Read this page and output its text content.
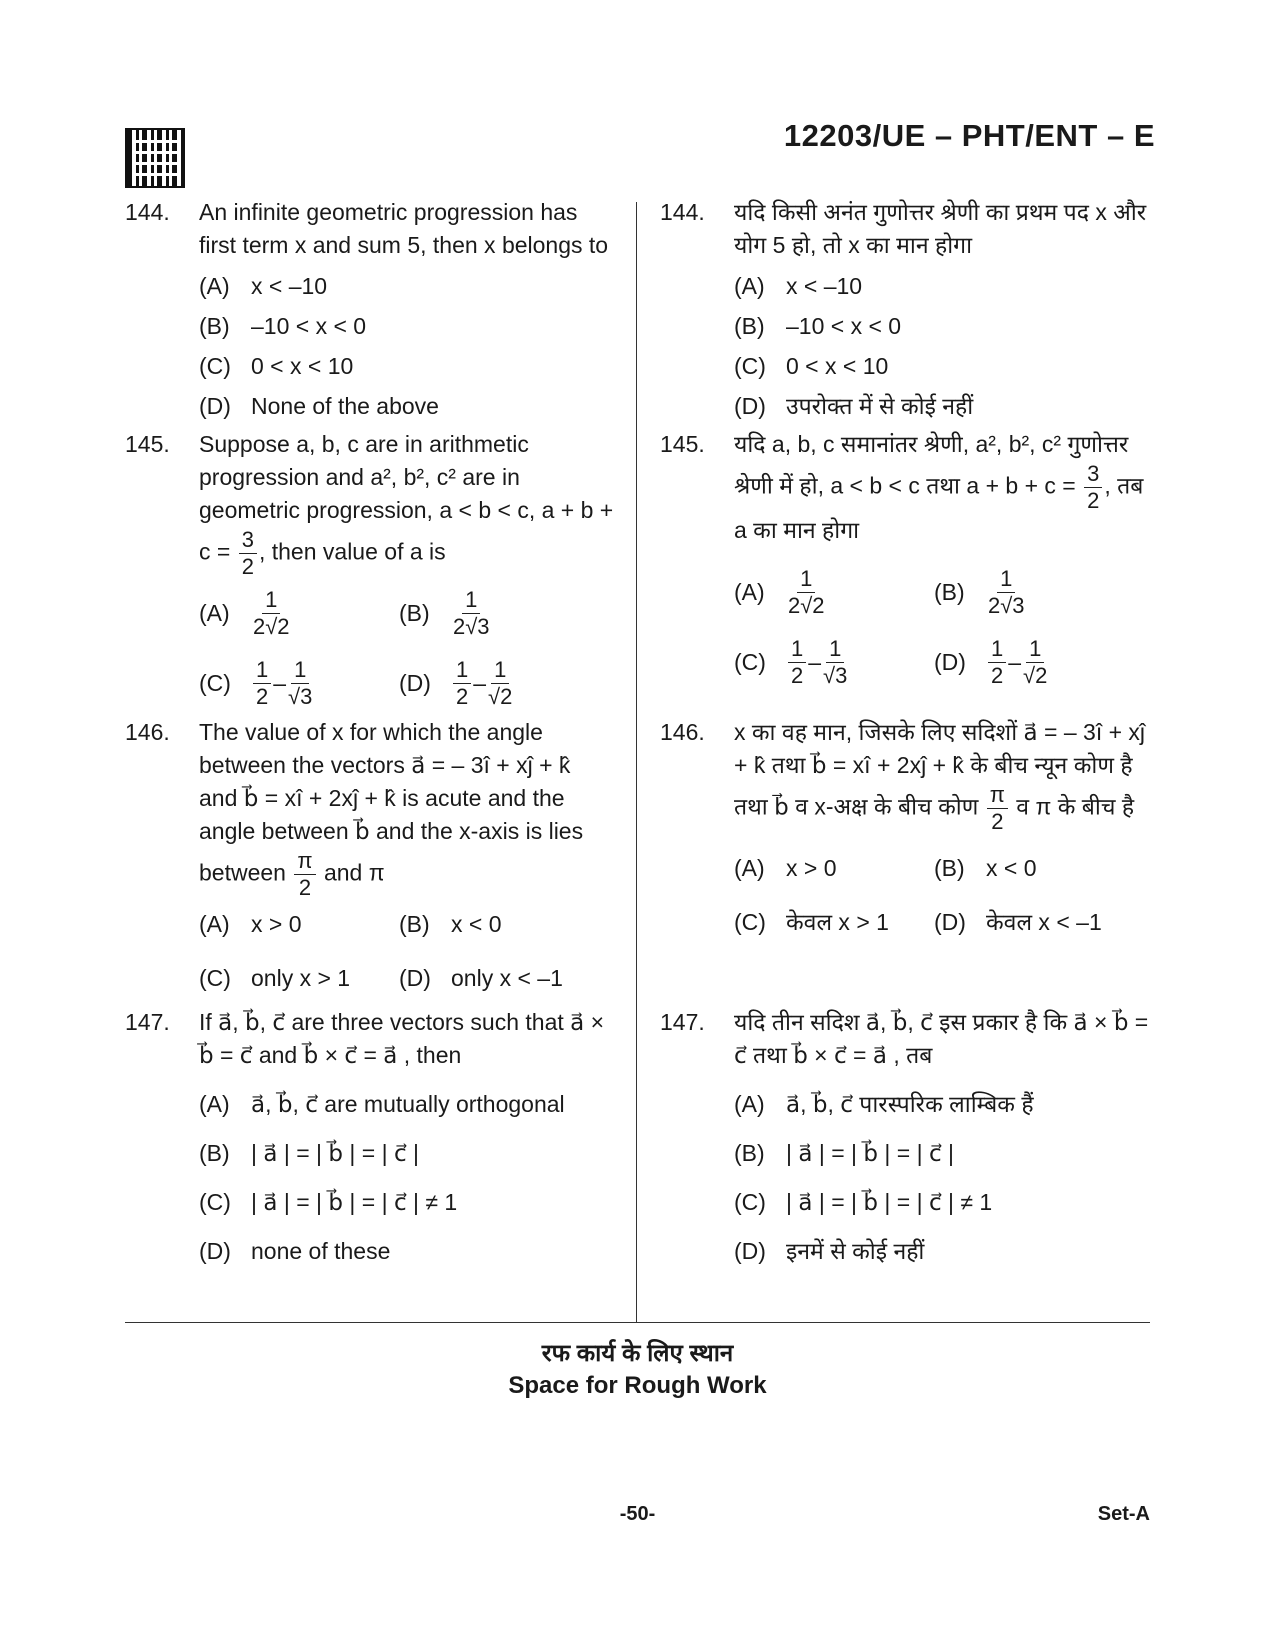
12203/UE – PHT/ENT – E
144. An infinite geometric progression has first term x and sum 5, then x belongs to
(A) x < –10
(B) –10 < x < 0
(C) 0 < x < 10
(D) None of the above
145. Suppose a, b, c are in arithmetic progression and a², b², c² are in geometric progression, a < b < c, $a + b + c = \frac{3}{2}$ , then value of a is
(A)	$\frac{1}{2√2}$	(B)	$\frac{1}{2√3}$
(C)	$\frac{1}{2} - \frac{1}{√3}$	(D)	$\frac{1}{2} - \frac{1}{√2}$
146. The value of x for which the angle between the vectors a⃗ = – 3î + xĵ + k̂ and b⃗ = xî + 2xĵ + k̂ is acute and the angle between b⃗ and the x-axis is lies between $\frac{\pi}{2}$ and π
(A) x > 0	(B) x < 0
(C) only x > 1 (D) only x < –1
147. If a⃗, b⃗, c⃗ are three vectors such that a⃗ × b⃗ = c⃗ and b⃗ × c⃗ = a⃗ , then
(A) a⃗, b⃗, c⃗ are mutually orthogonal
(B) | a⃗ | = | b⃗ | = | c⃗ |
(C) | a⃗ | = | b⃗ | = | c⃗ | ≠ 1
(D) none of these
144. यदि किसी अनंत गुणोत्तर श्रेणी का प्रथम पद x और योग 5 हो, तो x का मान होगा
(A) x < –10
(B) –10 < x < 0
(C) 0 < x < 10
(D) उपरोक्त में से कोई नहीं
145. यदि a, b, c समानांतर श्रेणी, a², b², c² गुणोत्तर श्रेणी में हो, a < b < c तथा $a + b + c = \frac{3}{2}$ , तब a का मान होगा
(A)	$\frac{1}{2√2}$	(B)	$\frac{1}{2√3}$
(C)	$\frac{1}{2} - \frac{1}{√3}$	(D)	$\frac{1}{2} - \frac{1}{√2}$
146. x का वह मान, जिसके लिए सदिशों a⃗ = – 3î + xĵ + k̂ तथा b⃗ = xî + 2xĵ + k̂ के बीच न्यून कोण है तथा b⃗ व x-अक्ष के बीच कोण $\frac{\pi}{2}$ व π के बीच है
(A) x > 0	(B) x < 0
(C) केवल x > 1 (D) केवल x < –1
147. यदि तीन सदिश a⃗, b⃗, c⃗ इस प्रकार है कि a⃗ × b⃗ = c⃗ तथा b⃗ × c⃗ = a⃗ , तब
(A) a⃗, b⃗, c⃗ पारस्परिक लाम्बिक हैं
(B) | a⃗ | = | b⃗ | = | c⃗ |
(C) | a⃗ | = | b⃗ | = | c⃗ | ≠ 1
(D) इनमें से कोई नहीं
रफ कार्य के लिए स्थान
Space for Rough Work
-50-	Set-A
